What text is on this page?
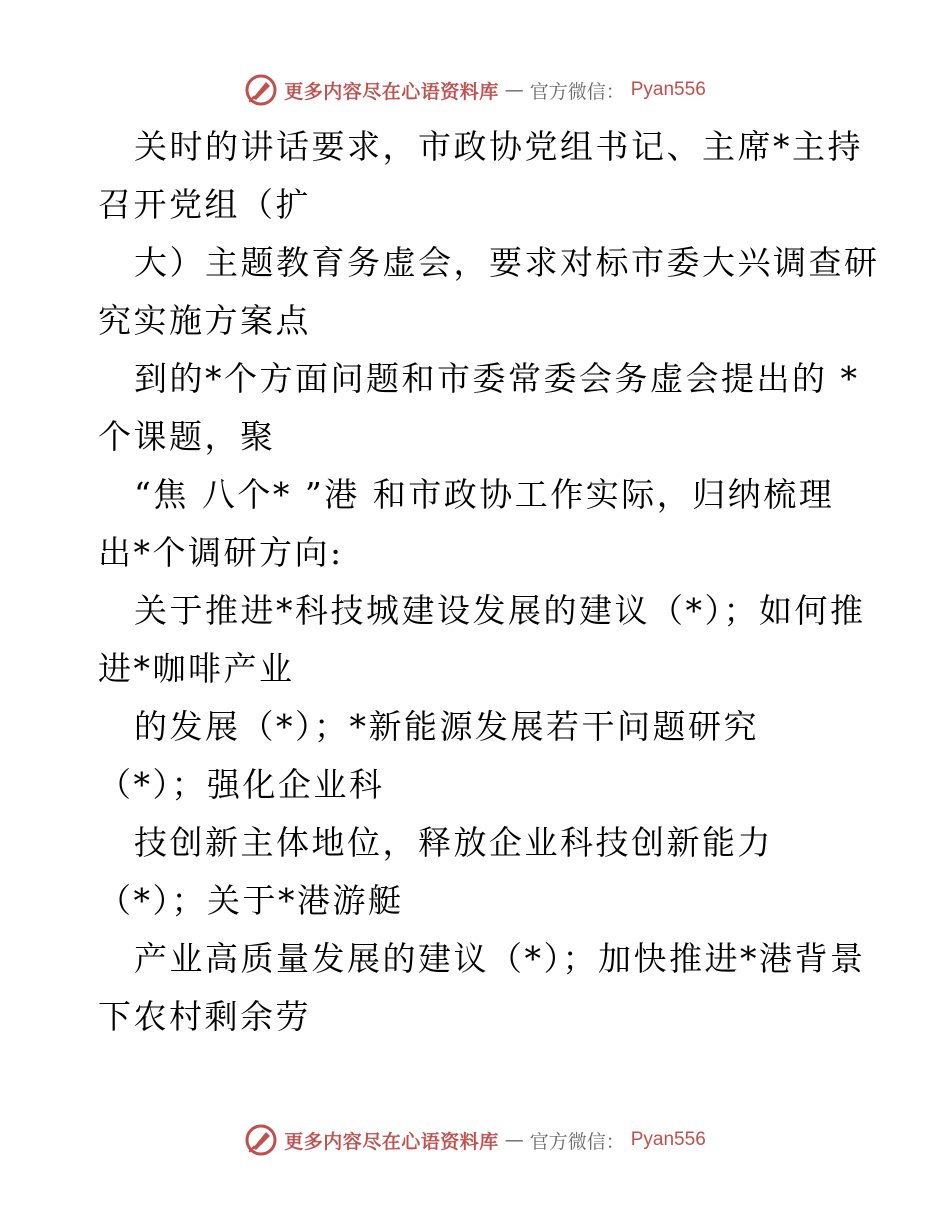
更多内容尽在心语资料库 — 官方微信： Pyan556
关时的讲话要求，市政协党组书记、主席*主持
召开党组（扩
大）主题教育务虚会，要求对标市委大兴调查研
究实施方案点
到的*个方面问题和市委常委会务虚会提出的 *
个课题，聚
“焦 八个* ”港 和市政协工作实际，归纳梳理
出*个调研方向:
关于推进*科技城建设发展的建议（*）；如何推
进*咖啡产业
的发展（*）；*新能源发展若干问题研究
（*）；强化企业科
技创新主体地位，释放企业科技创新能力
（*）；关于*港游艇
产业高质量发展的建议（*）；加快推进*港背景
下农村剩余劳
更多内容尽在心语资料库 — 官方微信： Pyan556
